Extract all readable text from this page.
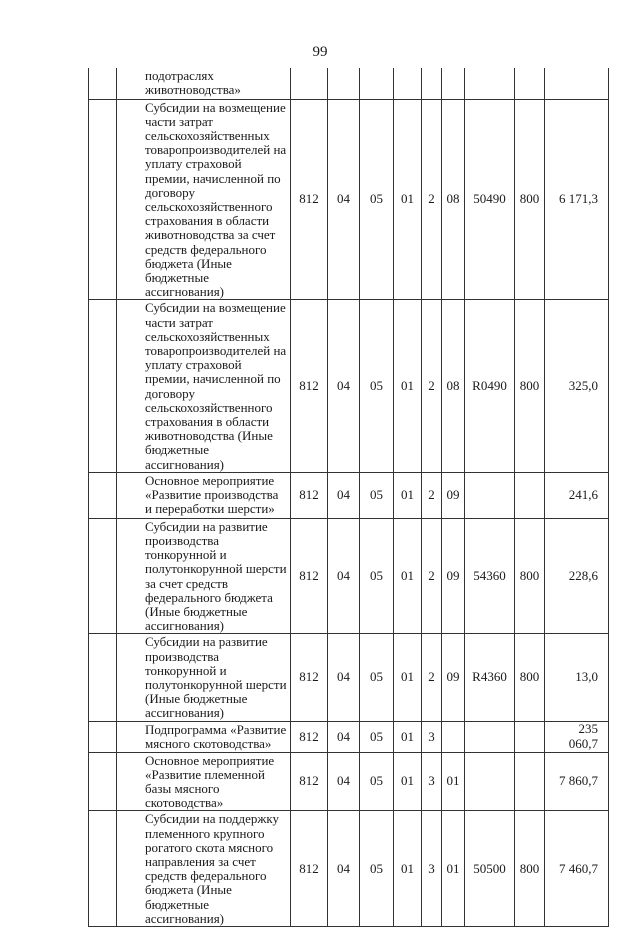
99
	подотраслях животноводства»									
	Субсидии на возмещение части затрат сельскохозяйственных товаропроизводителей на уплату страховой премии, начисленной по договору сельскохозяйственного страхования в области животноводства за счет средств федерального бюджета (Иные бюджетные ассигнования)	812	04	05	01	2	08	50490	800	6 171,3
	Субсидии на возмещение части затрат сельскохозяйственных товаропроизводителей на уплату страховой премии, начисленной по договору сельскохозяйственного страхования в области животноводства (Иные бюджетные ассигнования)	812	04	05	01	2	08	R0490	800	325,0
	Основное мероприятие «Развитие производства и переработки шерсти»	812	04	05	01	2	09			241,6
	Субсидии на развитие производства тонкорунной и полутонкорунной шерсти за счет средств федерального бюджета (Иные бюджетные ассигнования)	812	04	05	01	2	09	54360	800	228,6
	Субсидии на развитие производства тонкорунной и полутонкорунной шерсти (Иные бюджетные ассигнования)	812	04	05	01	2	09	R4360	800	13,0
	Подпрограмма «Развитие мясного скотоводства»	812	04	05	01	3				235 060,7
	Основное мероприятие «Развитие племенной базы мясного скотоводства»	812	04	05	01	3	01			7 860,7
	Субсидии на поддержку племенного крупного рогатого скота мясного направления за счет средств федерального бюджета (Иные бюджетные ассигнования)	812	04	05	01	3	01	50500	800	7 460,7
